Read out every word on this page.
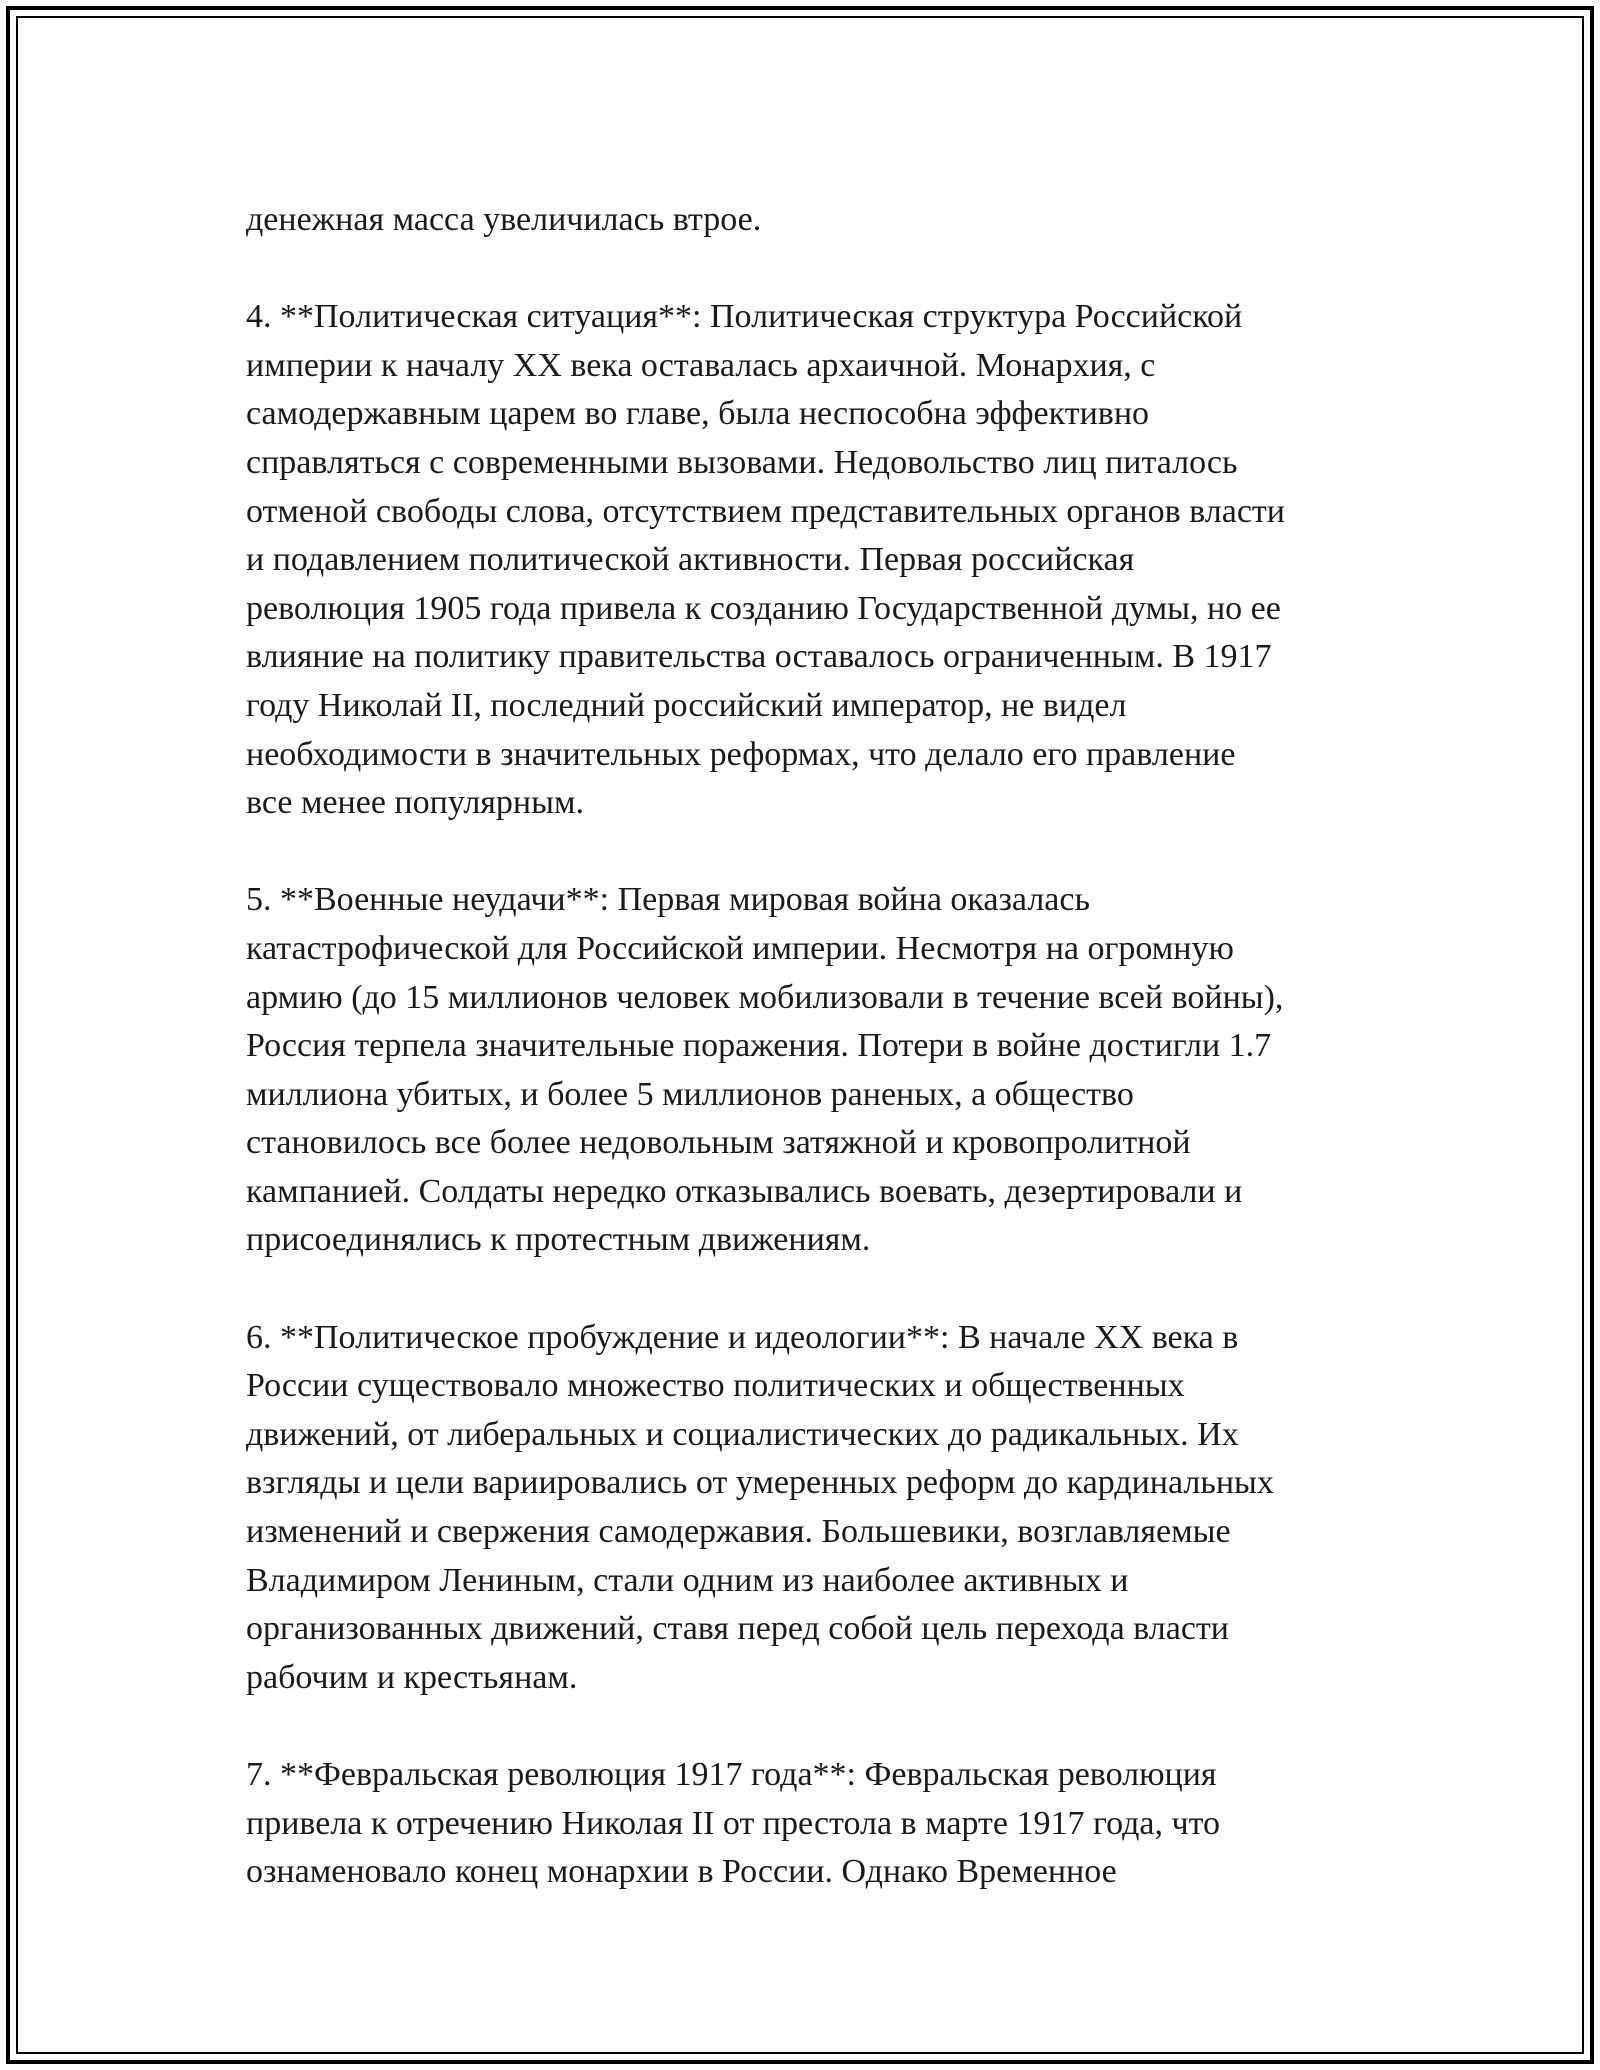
денежная масса увеличилась втрое.
4. **Политическая ситуация**: Политическая структура Российской
империи к началу XX века оставалась архаичной. Монархия, с
самодержавным царем во главе, была неспособна эффективно
справляться с современными вызовами. Недовольство лиц питалось
отменой свободы слова, отсутствием представительных органов власти
и подавлением политической активности. Первая российская
революция 1905 года привела к созданию Государственной думы, но ее
влияние на политику правительства оставалось ограниченным. В 1917
году Николай II, последний российский император, не видел
необходимости в значительных реформах, что делало его правление
все менее популярным.
5. **Военные неудачи**: Первая мировая война оказалась
катастрофической для Российской империи. Несмотря на огромную
армию (до 15 миллионов человек мобилизовали в течение всей войны),
Россия терпела значительные поражения. Потери в войне достигли 1.7
миллиона убитых, и более 5 миллионов раненых, а общество
становилось все более недовольным затяжной и кровопролитной
кампанией. Солдаты нередко отказывались воевать, дезертировали и
присоединялись к протестным движениям.
6. **Политическое пробуждение и идеологии**: В начале XX века в
России существовало множество политических и общественных
движений, от либеральных и социалистических до радикальных. Их
взгляды и цели вариировались от умеренных реформ до кардинальных
изменений и свержения самодержавия. Большевики, возглавляемые
Владимиром Лениным, стали одним из наиболее активных и
организованных движений, ставя перед собой цель перехода власти
рабочим и крестьянам.
7. **Февральская революция 1917 года**: Февральская революция
привела к отречению Николая II от престола в марте 1917 года, что
ознаменовало конец монархии в России. Однако Временное
